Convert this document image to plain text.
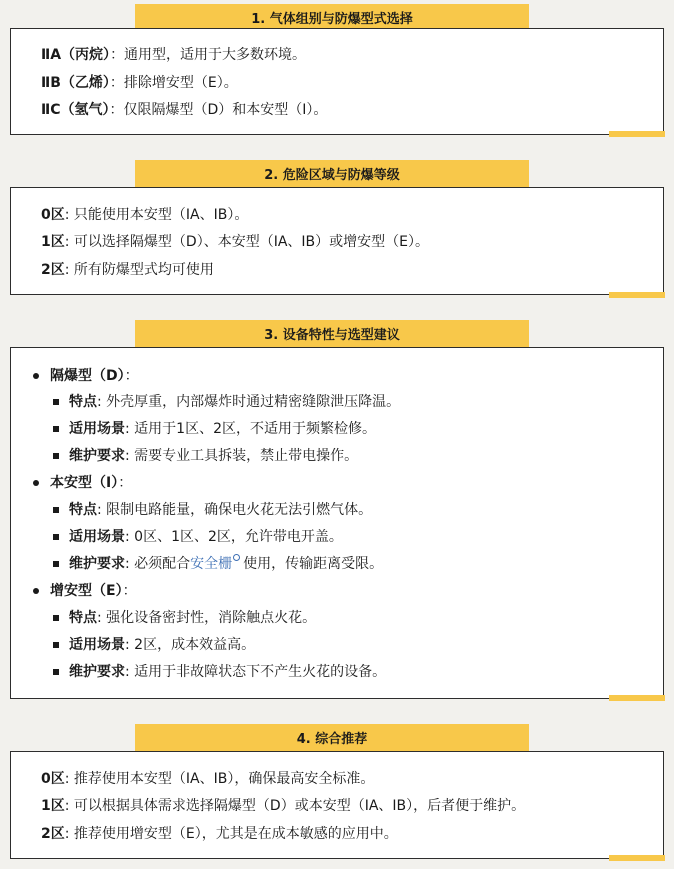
1. 气体组别与防爆型式选择
ⅡA（丙烷）：通用型，适用于大多数环境。
ⅡB（乙烯）：排除增安型（E）。
ⅡC（氢气）：仅限隔爆型（D）和本安型（I）。
2. 危险区域与防爆等级
0区: 只能使用本安型（IA、IB）。
1区: 可以选择隔爆型（D）、本安型（IA、IB）或增安型（E）。
2区: 所有防爆型式均可使用
3. 设备特性与选型建议
隔爆型（D）：
特点: 外壳厚重，内部爆炸时通过精密缝隙泄压降温。
适用场景: 适用于1区、2区，不适用于频繁检修。
维护要求: 需要专业工具拆装，禁止带电操作。
本安型（I）：
特点: 限制电路能量，确保电火花无法引燃气体。
适用场景: 0区、1区、2区，允许带电开盖。
维护要求: 必须配合安全栅 使用，传输距离受限。
增安型（E）：
特点: 强化设备密封性，消除触点火花。
适用场景: 2区，成本效益高。
维护要求: 适用于非故障状态下不产生火花的设备。
4. 综合推荐
0区: 推荐使用本安型（IA、IB），确保最高安全标准。
1区: 可以根据具体需求选择隔爆型（D）或本安型（IA、IB），后者便于维护。
2区: 推荐使用增安型（E），尤其是在成本敏感的应用中。
